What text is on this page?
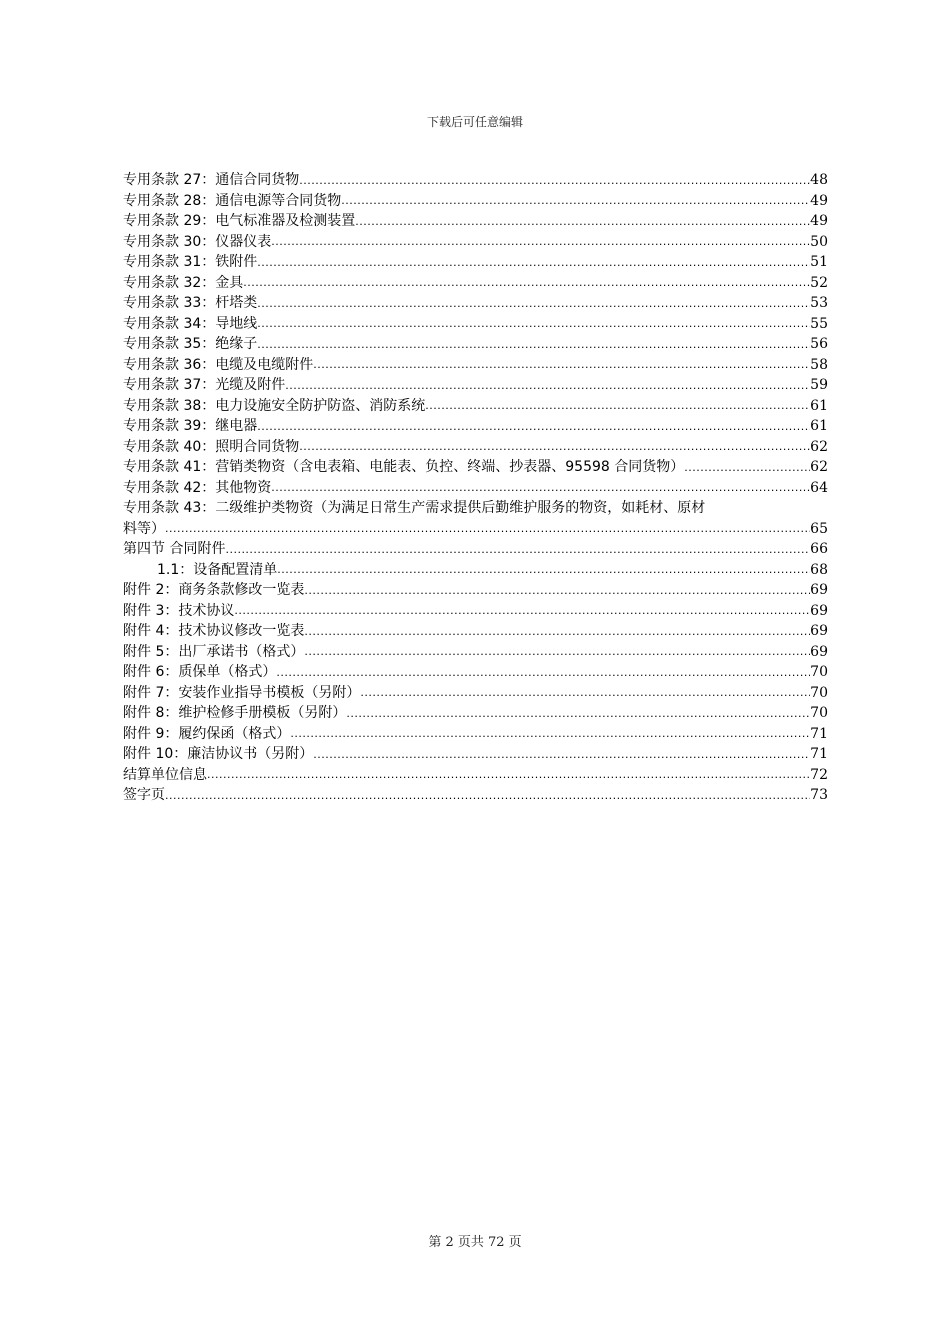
下载后可任意编辑
专用条款 27：通信合同货物 .....	48
专用条款 28：通信电源等合同货物 .....	49
专用条款 29：电气标准器及检测装置 .....	49
专用条款 30：仪器仪表 .....	50
专用条款 31：铁附件 .....	51
专用条款 32：金具 .....	52
专用条款 33：杆塔类 .....	53
专用条款 34：导地线 .....	55
专用条款 35：绝缘子 .....	56
专用条款 36：电缆及电缆附件 .....	58
专用条款 37：光缆及附件 .....	59
专用条款 38：电力设施安全防护防盗、消防系统 .....	61
专用条款 39：继电器 .....	61
专用条款 40：照明合同货物 .....	62
专用条款 41：营销类物资（含电表箱、电能表、负控、终端、抄表器、95598 合同货物） .....	62
专用条款 42：其他物资 .....	64
专用条款 43：二级维护类物资（为满足日常生产需求提供后勤维护服务的物资，如耗材、原材
料等） .....	65
第四节 合同附件 .....	66
1.1：设备配置清单 .....	68
附件 2：商务条款修改一览表 .....	69
附件 3：技术协议 .....	69
附件 4：技术协议修改一览表 .....	69
附件 5：出厂承诺书（格式） .....	69
附件 6：质保单（格式） .....	70
附件 7：安装作业指导书模板（另附） .....	70
附件 8：维护检修手册模板（另附） .....	70
附件 9：履约保函（格式） .....	71
附件 10：廉洁协议书（另附） .....	71
结算单位信息 .....	72
签字页 .....	73
第 2 页共 72 页
